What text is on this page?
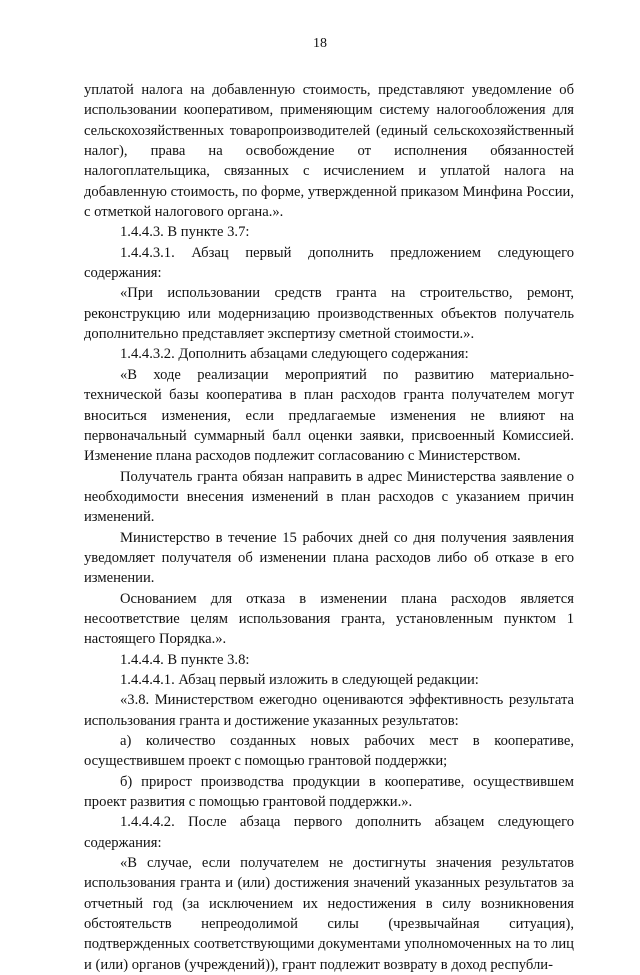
18

уплатой налога на добавленную стоимость, представляют уведомление об использовании кооперативом, применяющим систему налогообложения для сельскохозяйственных товаропроизводителей (единый сельскохозяйственный налог), права на освобождение от исполнения обязанностей налогоплательщика, связанных с исчислением и уплатой налога на добавленную стоимость, по форме, утвержденной приказом Минфина России, с отметкой налогового органа.».

1.4.4.3. В пункте 3.7:

1.4.4.3.1. Абзац первый дополнить предложением следующего содержания:

«При использовании средств гранта на строительство, ремонт, реконструкцию или модернизацию производственных объектов получатель дополнительно представляет экспертизу сметной стоимости.».

1.4.4.3.2. Дополнить абзацами следующего содержания:

«В ходе реализации мероприятий по развитию материально-технической базы кооператива в план расходов гранта получателем могут вноситься изменения, если предлагаемые изменения не влияют на первоначальный суммарный балл оценки заявки, присвоенный Комиссией. Изменение плана расходов подлежит согласованию с Министерством.

Получатель гранта обязан направить в адрес Министерства заявление о необходимости внесения изменений в план расходов с указанием причин изменений.

Министерство в течение 15 рабочих дней со дня получения заявления уведомляет получателя об изменении плана расходов либо об отказе в его изменении.

Основанием для отказа в изменении плана расходов является несоответствие целям использования гранта, установленным пунктом 1 настоящего Порядка.».

1.4.4.4. В пункте 3.8:

1.4.4.4.1. Абзац первый изложить в следующей редакции:

«3.8. Министерством ежегодно оцениваются эффективность результата использования гранта и достижение указанных результатов:

а) количество созданных новых рабочих мест в кооперативе, осуществившем проект с помощью грантовой поддержки;

б) прирост производства продукции в кооперативе, осуществившем проект развития с помощью грантовой поддержки.».

1.4.4.4.2. После абзаца первого дополнить абзацем следующего содержания:

«В случае, если получателем не достигнуты значения результатов использования гранта и (или) достижения значений указанных результатов за отчетный год (за исключением их недостижения в силу возникновения обстоятельств непреодолимой силы (чрезвычайная ситуация), подтвержденных соответствующими документами уполномоченных на то лиц и (или) органов (учреждений)), грант подлежит возврату в доход республи-
